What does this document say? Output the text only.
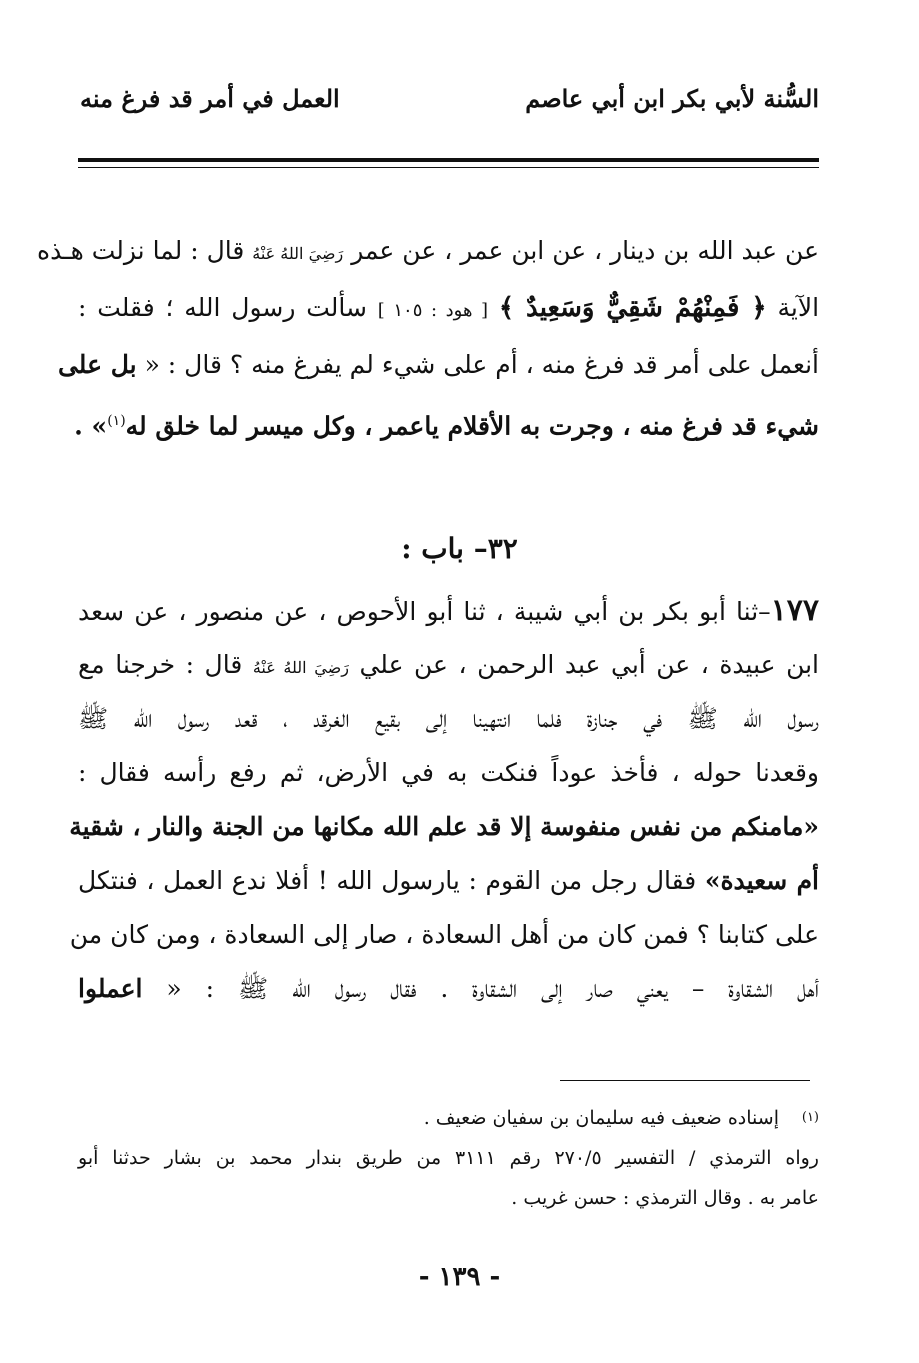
السُّنة لأبي بكر ابن أبي عاصم
العمل في أمر قد فرغ منه

عن عبد الله بن دينار ، عن ابن عمر ، عن عمر رَضِيَ اللهُ عَنْهُ قال : لما نزلت هـذه

الآية ﴿ فَمِنْهُمْ شَقِيٌّ وَسَعِيدٌ ﴾ [ هود : ١٠٥ ] سألت رسول الله ؛ فقلت :

أنعمل على أمر قد فرغ منه ، أم على شيء لم يفرغ منه ؟ قال : « بل على

شيء قد فرغ منه ، وجرت به الأقلام ياعمر ، وكل ميسر لما خلق له$^{(١)}$» .

٣٢– باب :

١٧٧–ثنا أبو بكر بن أبي شيبة ، ثنا أبو الأحوص ، عن منصور ، عن سعد

ابن عبيدة ، عن أبي عبد الرحمن ، عن علي رَضِيَ اللهُ عَنْهُ قال : خرجنا مع

رسول الله ﷺ في جنازة فلما انتهينا إلى بقيع الغرقد ، قعد رسول الله ﷺ

وقعدنا حوله ، فأخذ عوداً فنكت به في الأرض، ثم رفع رأسه فقال :

«مامنكم من نفس منفوسة إلا قد علم الله مكانها من الجنة والنار ، شقية

أم سعيدة» فقال رجل من القوم : يارسول الله ! أفلا ندع العمل ، فنتكل

على كتابنا ؟ فمن كان من أهل السعادة ، صار إلى السعادة ، ومن كان من

أهل الشقاوة – يعني صار إلى الشقاوة . فقال رسول الله ﷺ : « اعملوا

(١)إسناده ضعيف فيه سليمان بن سفيان ضعيف .

رواه الترمذي / التفسير ٢٧٠/٥ رقم ٣١١١ من طريق بندار محمد بن بشار حدثنا أبو

عامر به . وقال الترمذي : حسن غريب .

- ١٣٩ -
